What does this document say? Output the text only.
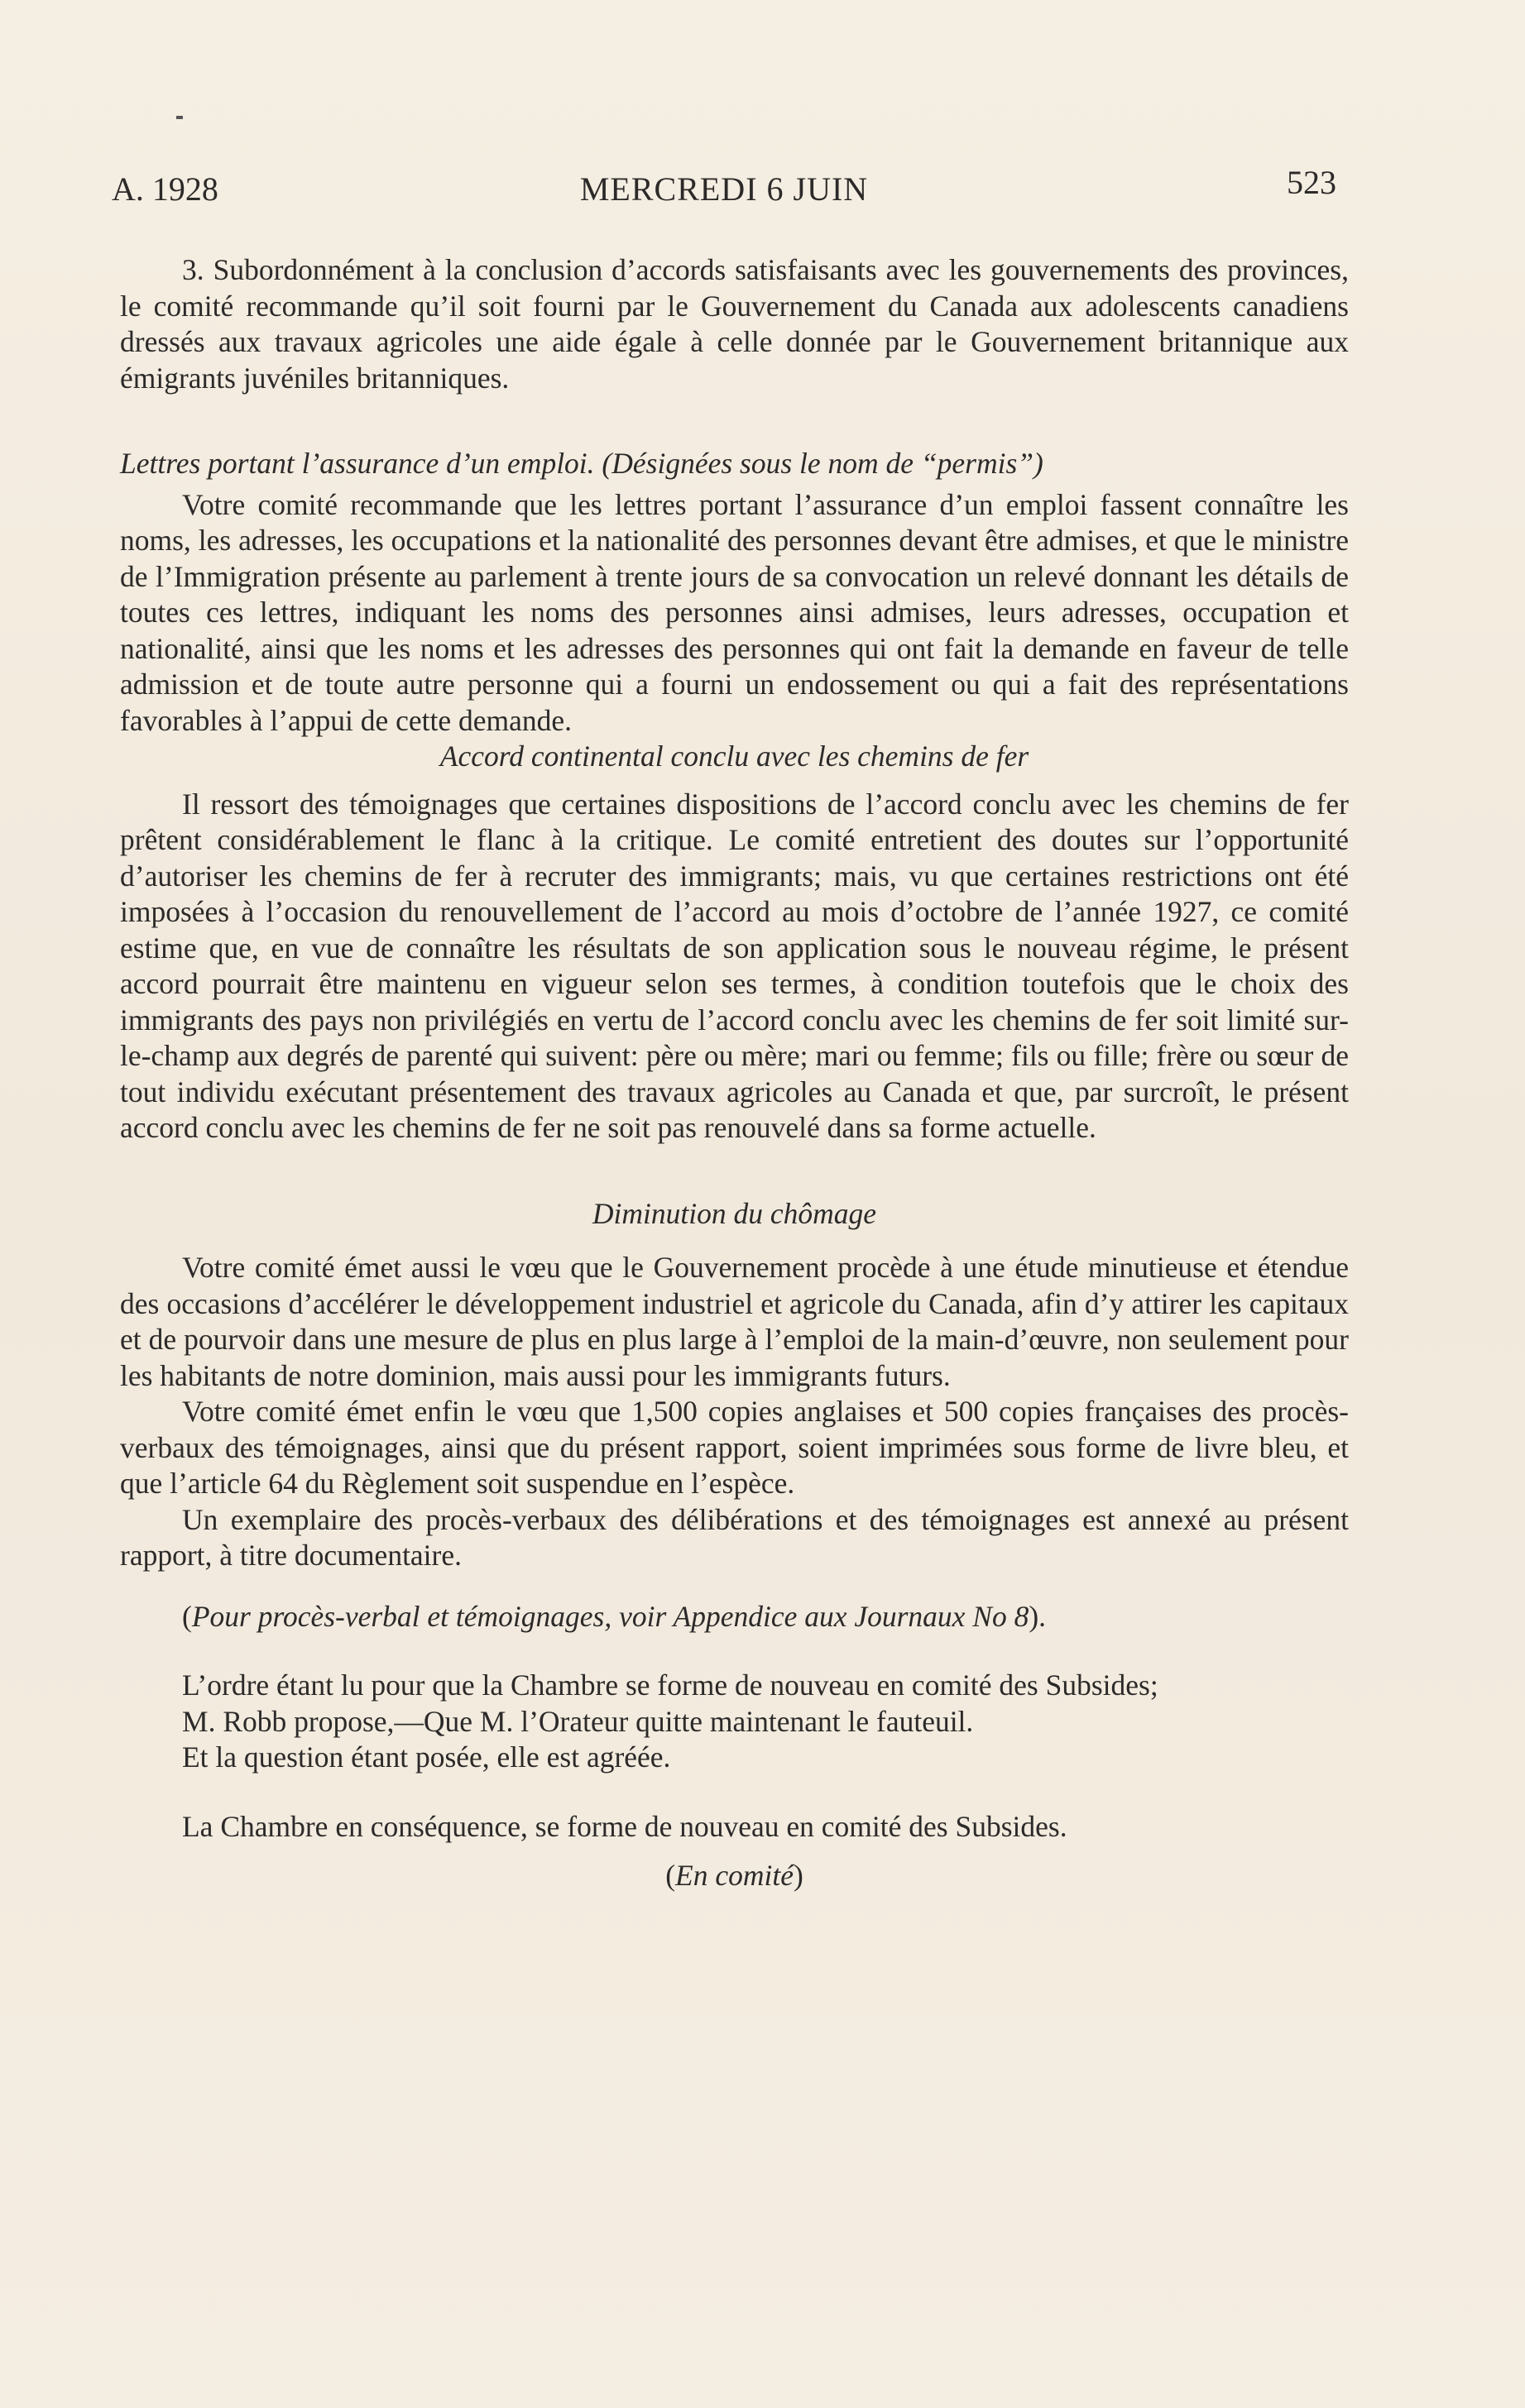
A. 1928	MERCREDI 6 JUIN	523

3. Subordonnément à la conclusion d’accords satisfaisants avec les gouvernements des provinces, le comité recommande qu’il soit fourni par le Gouvernement du Canada aux adolescents canadiens dressés aux travaux agricoles une aide égale à celle donnée par le Gouvernement britannique aux émigrants juvéniles britanniques.

Lettres portant l’assurance d’un emploi. (Désignées sous le nom de “permis”)

Votre comité recommande que les lettres portant l’assurance d’un emploi fassent connaître les noms, les adresses, les occupations et la nationalité des personnes devant être admises, et que le ministre de l’Immigration présente au parlement à trente jours de sa convocation un relevé donnant les détails de toutes ces lettres, indiquant les noms des personnes ainsi admises, leurs adresses, occupation et nationalité, ainsi que les noms et les adresses des personnes qui ont fait la demande en faveur de telle admission et de toute autre personne qui a fourni un endossement ou qui a fait des représentations favorables à l’appui de cette demande.

Accord continental conclu avec les chemins de fer

Il ressort des témoignages que certaines dispositions de l’accord conclu avec les chemins de fer prêtent considérablement le flanc à la critique. Le comité entretient des doutes sur l’opportunité d’autoriser les chemins de fer à recruter des immigrants; mais, vu que certaines restrictions ont été imposées à l’occasion du renouvellement de l’accord au mois d’octobre de l’année 1927, ce comité estime que, en vue de connaître les résultats de son application sous le nouveau régime, le présent accord pourrait être maintenu en vigueur selon ses termes, à condition toutefois que le choix des immigrants des pays non privilégiés en vertu de l’accord conclu avec les chemins de fer soit limité sur-le-champ aux degrés de parenté qui suivent: père ou mère; mari ou femme; fils ou fille; frère ou sœur de tout individu exécutant présentement des travaux agricoles au Canada et que, par surcroît, le présent accord conclu avec les chemins de fer ne soit pas renouvelé dans sa forme actuelle.

Diminution du chômage

Votre comité émet aussi le vœu que le Gouvernement procède à une étude minutieuse et étendue des occasions d’accélérer le développement industriel et agricole du Canada, afin d’y attirer les capitaux et de pourvoir dans une mesure de plus en plus large à l’emploi de la main-d’œuvre, non seulement pour les habitants de notre dominion, mais aussi pour les immigrants futurs.

Votre comité émet enfin le vœu que 1,500 copies anglaises et 500 copies françaises des procès-verbaux des témoignages, ainsi que du présent rapport, soient imprimées sous forme de livre bleu, et que l’article 64 du Règlement soit suspendue en l’espèce.

Un exemplaire des procès-verbaux des délibérations et des témoignages est annexé au présent rapport, à titre documentaire.

(Pour procès-verbal et témoignages, voir Appendice aux Journaux No 8).

L’ordre étant lu pour que la Chambre se forme de nouveau en comité des Subsides;

M. Robb propose,—Que M. l’Orateur quitte maintenant le fauteuil.

Et la question étant posée, elle est agréée.

La Chambre en conséquence, se forme de nouveau en comité des Subsides.

(En comité)
